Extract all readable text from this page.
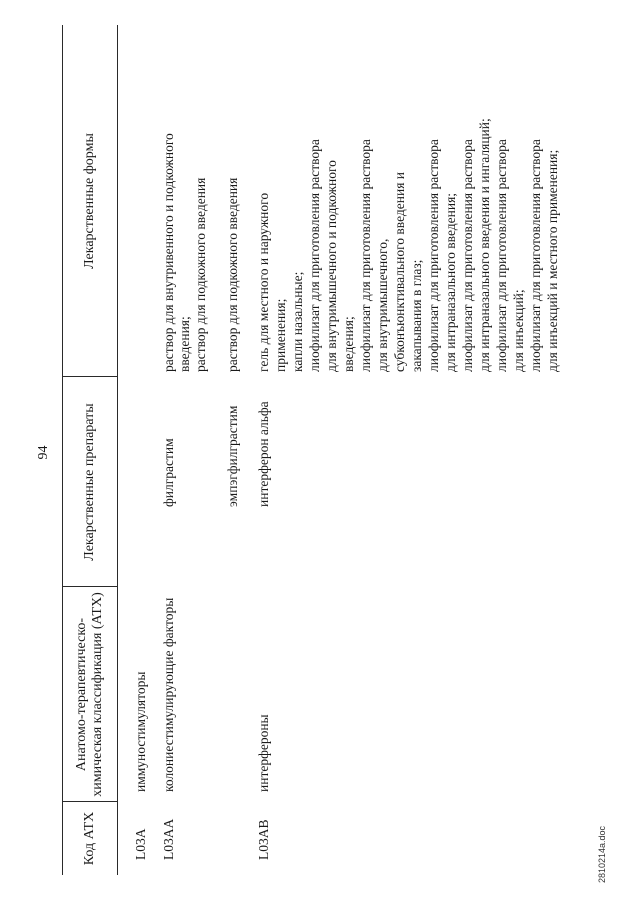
94
Код АТХ
Анатомо-терапевтическо-химическая классификация (АТХ)
Лекарственные препараты
Лекарственные формы
L03A
иммуностимуляторы
L03AA
колониестимулирующие факторы
филграстим
раствор для внутривенного и подкожного введения; раствор для подкожного введения
эмпэгфилграстим
раствор для подкожного введения
L03AB
интерфероны
интерферон альфа
гель для местного и наружного применения; капли назальные; лиофилизат для приготовления раствора для внутримышечного и подкожного введения; лиофилизат для приготовления раствора для внутримышечного, субконъюнктивального введения и закапывания в глаз; лиофилизат для приготовления раствора для интраназального введения; лиофилизат для приготовления раствора для интраназального введения и ингаляций; лиофилизат для приготовления раствора для инъекций; лиофилизат для приготовления раствора для инъекций и местного применения;
2810214a.doc
